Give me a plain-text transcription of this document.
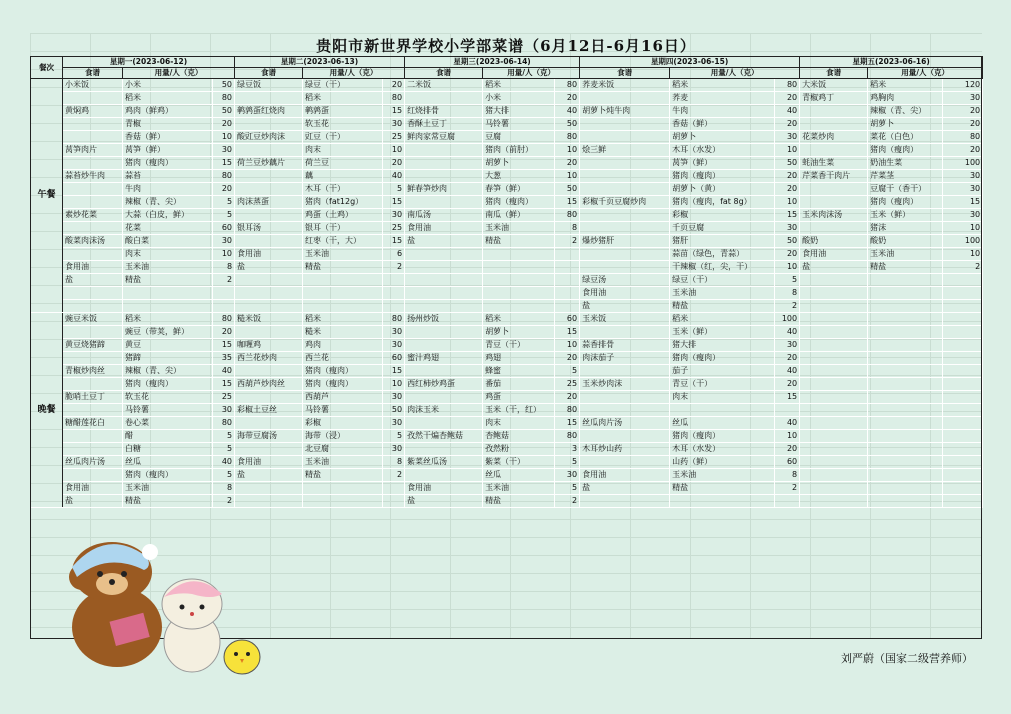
贵阳市新世界学校小学部菜谱（6月12日-6月16日）
餐次	星期一(2023-06-12)			星期二(2023-06-13)			星期三(2023-06-14)			星期四(2023-06-15)			星期五(2023-06-16)		
	食谱	用量/人（克）		食谱	用量/人（克）		食谱	用量/人（克）		食谱	用量/人（克）		食谱	用量/人（克）	
午餐	小米饭	小米	50	绿豆饭	绿豆（干）	20	二米饭	稻米	80	荞麦米饭	稻米	80	大米饭	稻米	120
		稻米	80		稻米	80		小米	20		荞麦	20	青椒鸡丁	鸡胸肉	30
	黄焖鸡	鸡肉（鲜鸡）	50	鹌鹑蛋红烧肉	鹌鹑蛋	15	红烧排骨	猪大排	40	胡萝卜炖牛肉	牛肉	40		辣椒（青、尖）	20
		青椒	20		软玉花	30	香酥土豆丁	马铃薯	50		香菇（鲜）	20		胡萝卜	20
		香菇（鲜）	10	酸豇豆炒肉沫	豇豆（干）	25	鲜肉家常豆腐	豆腐	80		胡萝卜	30	花菜炒肉	菜花（白色）	80
	莴笋肉片	莴笋（鲜）	30		肉末	10		猪肉（前肘）	10	烩三鲜	木耳（水发）	10		猪肉（瘦肉）	20
		猪肉（瘦肉）	15	荷兰豆炒藕片	荷兰豆	20		胡萝卜	20		莴笋（鲜）	50	蚝油生菜	奶油生菜	100
	蒜苔炒牛肉	蒜苔	80		藕	40		大葱	10		猪肉（瘦肉）	20	芹菜香干肉片	芹菜茎	30
		牛肉	20		木耳（干）	5	鲜春笋炒肉	春笋（鲜）	50		胡萝卜（黄）	20		豆腐干（香干）	30
		辣椒（青、尖）	5	肉沫蒸蛋	猪肉（fat12g）	15		猪肉（瘦肉）	15	彩椒千页豆腐炒肉	猪肉（瘦肉，fat 8g）	10		猪肉（瘦肉）	15
	素炒花菜	大蒜（白皮，鲜）	5		鸡蛋（土鸡）	30	南瓜汤	南瓜（鲜）	80		彩椒	15	玉米肉沫汤	玉米（鲜）	30
		花菜	60	银耳汤	银耳（干）	25	食用油	玉米油	8		千页豆腐	30		猪沫	10
	酸菜肉沫汤	酸白菜	30		红枣（干，大）	15	盐	精盐	2	爆炒猪肝	猪肝	50	酸奶	酸奶	100
		肉末	10	食用油	玉米油	6					蒜苗（绿色，青蒜）	20	食用油	玉米油	10
	食用油	玉米油	8	盐	精盐	2					干辣椒（红，尖，干）	10	盐	精盐	2
	盐	精盐	2							绿豆汤	绿豆（干）	5			
										食用油	玉米油	8			
										盐	精盐	2			
晚餐	豌豆米饭	稻米	80	糙米饭	稻米	80	扬州炒饭	稻米	60	玉米饭	稻米	100			
		豌豆（带荚，鲜）	20		糙米	30		胡萝卜	15		玉米（鲜）	40			
	黄豆烧猪蹄	黄豆	15	咖喱鸡	鸡肉	30		青豆（干）	10	蒜香排骨	猪大排	30			
		猪蹄	35	西兰花炒肉	西兰花	60	蜜汁鸡翅	鸡翅	20	肉沫茄子	猪肉（瘦肉）	20			
	青椒炒肉丝	辣椒（青、尖）	40		猪肉（瘦肉）	15		蜂蜜	5		茄子	40			
		猪肉（瘦肉）	15	西葫芦炒肉丝	猪肉（瘦肉）	10	西红柿炒鸡蛋	番茄	25	玉米炒肉沫	青豆（干）	20			
	脆哨土豆丁	软玉花	25		西葫芦	30		鸡蛋	20		肉末	15			
		马铃薯	30	彩椒土豆丝	马铃薯	50	肉沫玉米	玉米（干，红）	80						
	糖醋莲花白	卷心菜	80		彩椒	30		肉末	15	丝瓜肉片汤	丝瓜	40			
		醋	5	海带豆腐汤	海带（浸）	5	孜然干煸杏鲍菇	杏鲍菇	80		猪肉（瘦肉）	10			
		白糖	5		北豆腐	30		孜然粉	3	木耳炒山药	木耳（水发）	20			
	丝瓜肉片汤	丝瓜	40	食用油	玉米油	8	紫菜丝瓜汤	紫菜（干）	5		山药（鲜）	60			
		猪肉（瘦肉）	5	盐	精盐	2		丝瓜	30	食用油	玉米油	8			
	食用油	玉米油	8				食用油	玉米油	5	盐	精盐	2			
	盐	精盐	2				盐	精盐	2						
刘严蔚（国家二级营养师）
